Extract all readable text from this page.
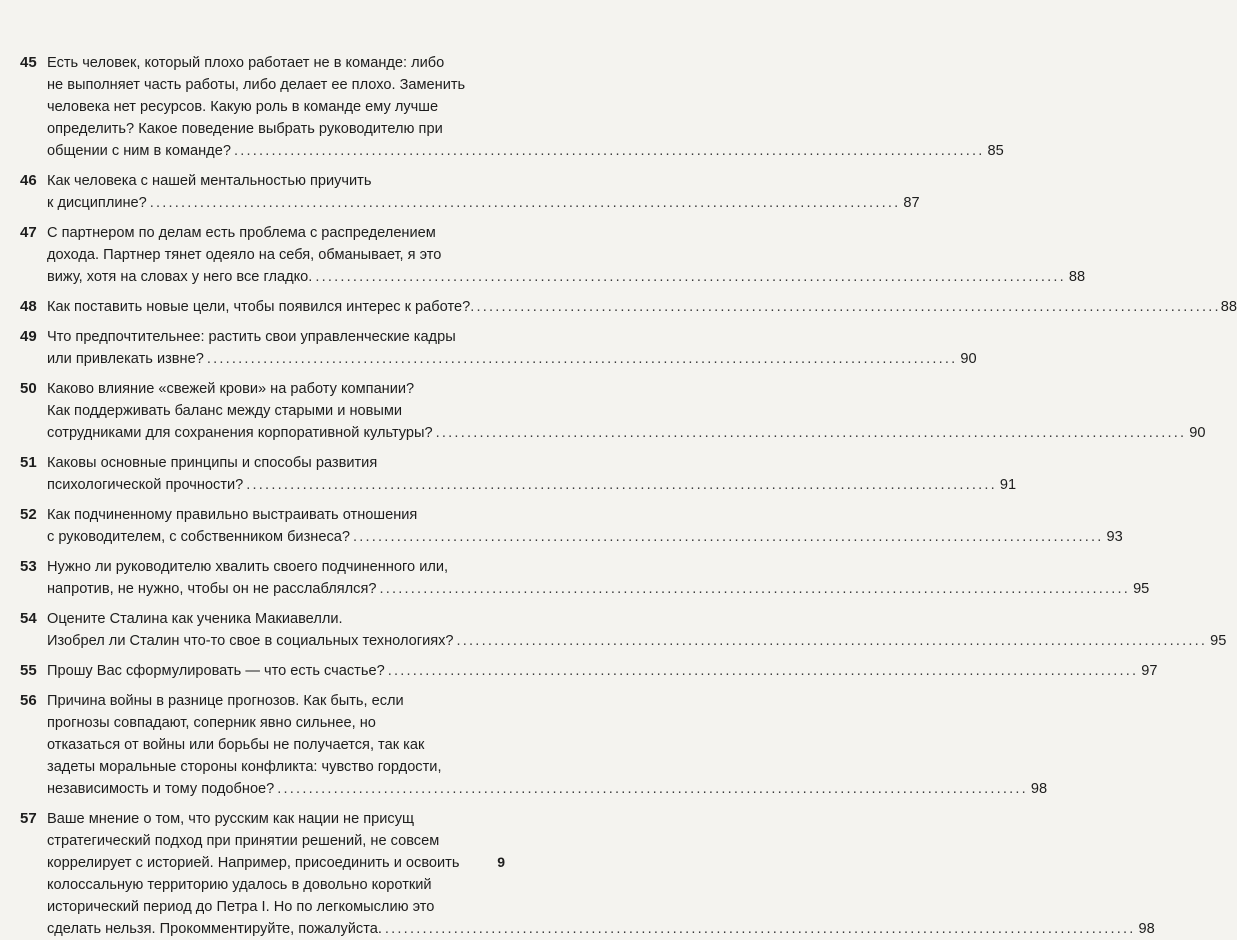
45 Есть человек, который плохо работает не в команде: либо
не выполняет часть работы, либо делает ее плохо. Заменить
человека нет ресурсов. Какую роль в команде ему лучше
определить? Какое поведение выбрать руководителю при
общении с ним в команде? ........................................................................................................................ 85
46 Как человека с нашей ментальностью приучить
к дисциплине? ........................................................................................................................ 87
47 С партнером по делам есть проблема с распределением
дохода. Партнер тянет одеяло на себя, обманывает, я это
вижу, хотя на словах у него все гладко. ........................................................................................................................ 88
48 Как поставить новые цели, чтобы появился интерес к работе? ........................................................................................................................ 88
49 Что предпочтительнее: растить свои управленческие кадры
или привлекать извне? ........................................................................................................................ 90
50 Каково влияние «свежей крови» на работу компании?
Как поддерживать баланс между старыми и новыми
сотрудниками для сохранения корпоративной культуры? ........................................................................................................................ 90
51 Каковы основные принципы и способы развития
психологической прочности? ........................................................................................................................ 91
52 Как подчиненному правильно выстраивать отношения
с руководителем, с собственником бизнеса? ........................................................................................................................ 93
53 Нужно ли руководителю хвалить своего подчиненного или,
напротив, не нужно, чтобы он не расслаблялся? ........................................................................................................................ 95
54 Оцените Сталина как ученика Макиавелли.
Изобрел ли Сталин что-то свое в социальных технологиях? ........................................................................................................................ 95
55 Прошу Вас сформулировать — что есть счастье? ........................................................................................................................ 97
56 Причина войны в разнице прогнозов. Как быть, если
прогнозы совпадают, соперник явно сильнее, но
отказаться от войны или борьбы не получается, так как
задеты моральные стороны конфликта: чувство гордости,
независимость и тому подобное? ........................................................................................................................ 98
57 Ваше мнение о том, что русским как нации не присущ
стратегический подход при принятии решений, не совсем
коррелирует с историей. Например, присоединить и освоить
колоссальную территорию удалось в довольно короткий
исторический период до Петра I. Но по легкомыслию это
сделать нельзя. Прокомментируйте, пожалуйста. ........................................................................................................................ 98
9
